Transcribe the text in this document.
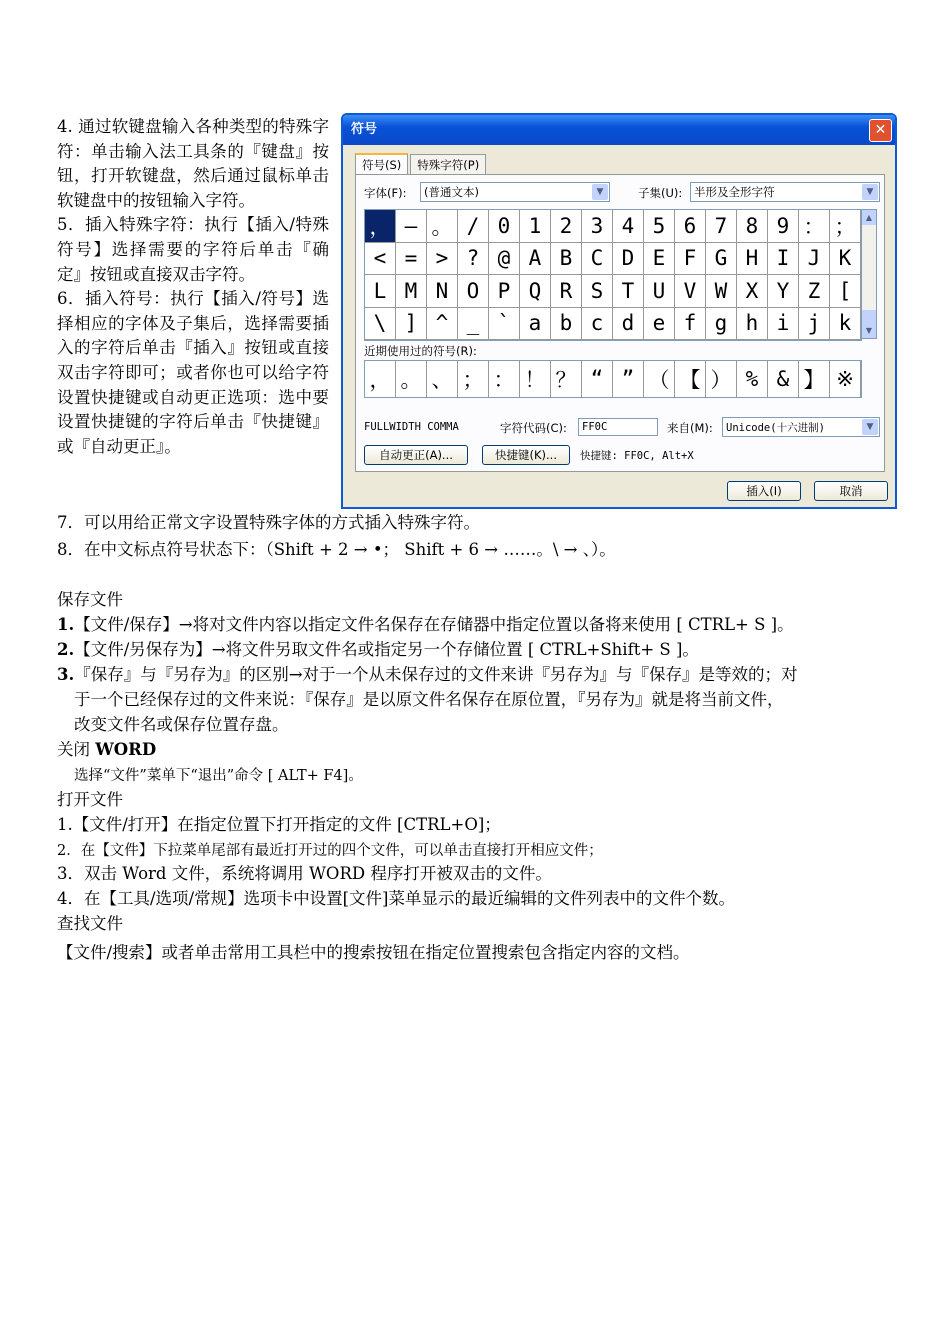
4. 通过软键盘输入各种类型的特殊字符：单击输入法工具条的『键盘』按钮，打开软键盘，然后通过鼠标单击软键盘中的按钮输入字符。

5．插入特殊字符：执行【插入/特殊符号】选择需要的字符后单击『确定』按钮或直接双击字符。

6．插入符号：执行【插入/符号】选择相应的字体及子集后，选择需要插入的字符后单击『插入』按钮或直接双击字符即可；或者你也可以给字符设置快捷键或自动更正选项：选中要设置快捷键的字符后单击『快捷键』或『自动更正』。

符号	✕
符号(S) 特殊字符(P)
字体(F):	(普通文本)	▼	子集(U):	半形及全形字符	▼
， — 。 / 0 1 2 3 4 5 6 7 8 9 ： ；
< = > ? @ A B C D E F G H I J K
L M N O P Q R S T U V W X Y Z [
\ ] ^ _ ` a b c d e f g h i j k
▲
▼
近期使用过的符号(R):
， 。 、 ； ： ！ ？ “ ” （ 【 ） % & 】 ※
FULLWIDTH COMMA	字符代码(C):	FF0C	来自(M):	Unicode(十六进制)	▼
自动更正(A)...	快捷键(K)...	快捷键: FF0C, Alt+X
插入(I)	取消
7．可以用给正常文字设置特殊字体的方式插入特殊字符。
8．在中文标点符号状态下：（Shift + 2 → •； Shift + 6 → ……。\ → 、）。
保存文件
1.【文件/保存】→将对文件内容以指定文件名保存在存储器中指定位置以备将来使用 [ CTRL+ S ]。
2.【文件/另保存为】→将文件另取文件名或指定另一个存储位置 [ CTRL+Shift+ S ]。
3.『保存』与『另存为』的区别→对于一个从未保存过的文件来讲『另存为』与『保存』是等效的；对
于一个已经保存过的文件来说：『保存』是以原文件名保存在原位置，『另存为』就是将当前文件，
改变文件名或保存位置存盘。
关闭 WORD
选择“文件”菜单下“退出”命令 [ ALT+ F4]。
打开文件
1.【文件/打开】在指定位置下打开指定的文件 [CTRL+O]；
2．在【文件】下拉菜单尾部有最近打开过的四个文件，可以单击直接打开相应文件；
3．双击 Word 文件，系统将调用 WORD 程序打开被双击的文件。
4．在【工具/选项/常规】选项卡中设置[文件]菜单显示的最近编辑的文件列表中的文件个数。
查找文件
【文件/搜索】或者单击常用工具栏中的搜索按钮在指定位置搜索包含指定内容的文档。
